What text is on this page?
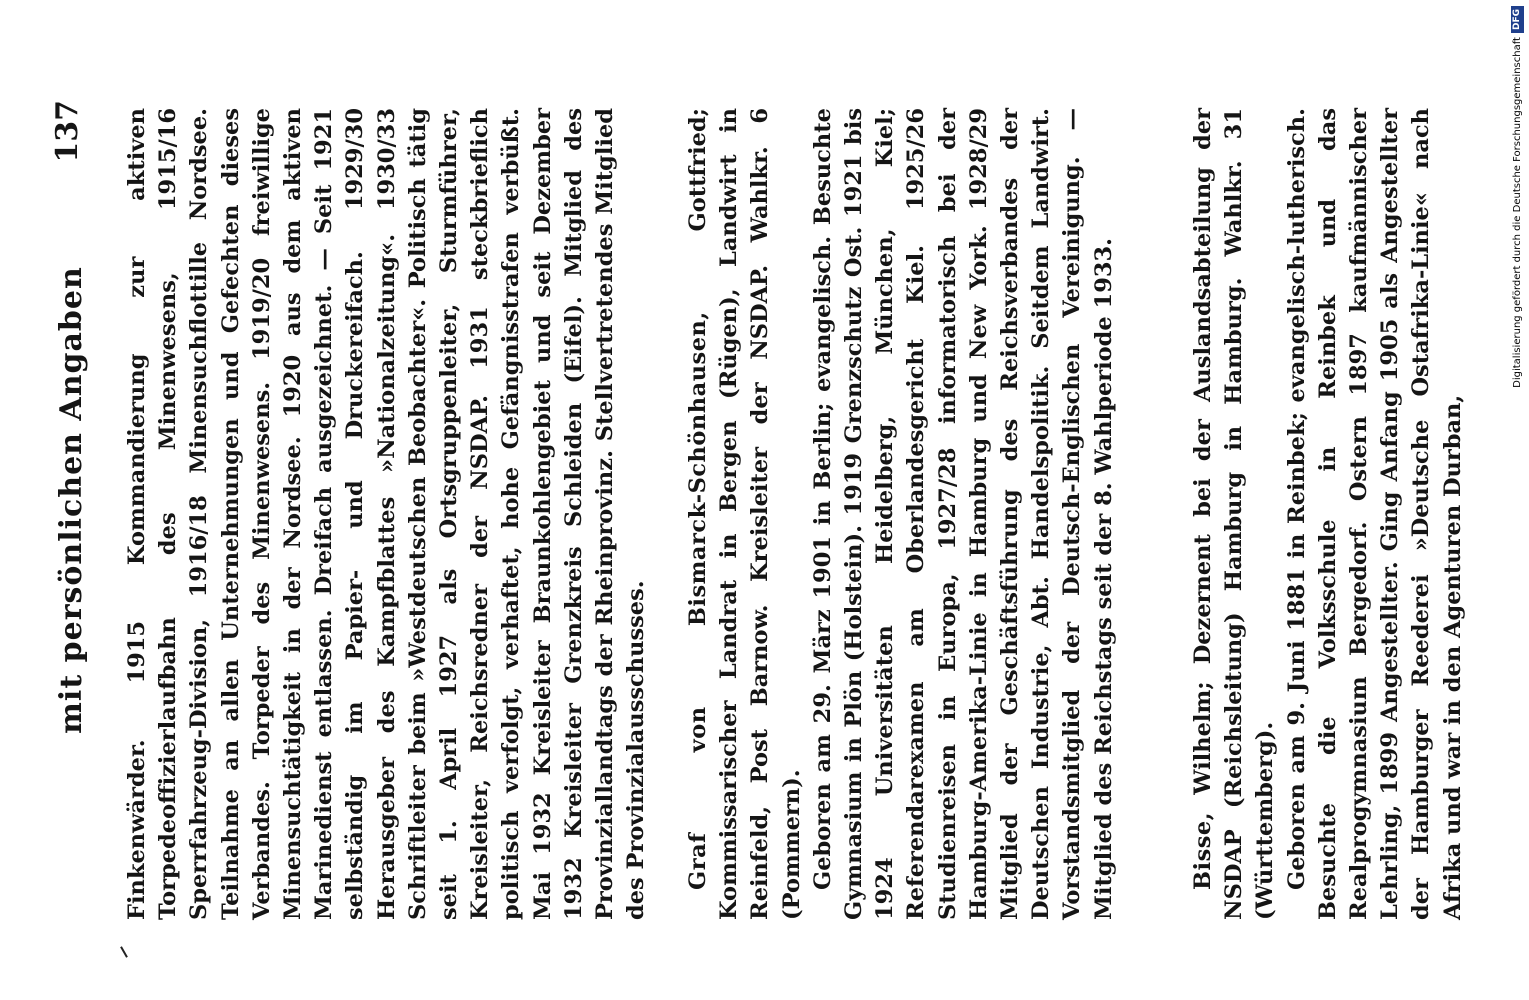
mit persönlichen Angaben
137 Finkenwärder. 1915 Kommandierung zur aktiven Torpedeoffizierlaufbahn des Minenwesens, 1915/16 Sperrfahrzeug-Division, 1916/18 Minensuchflottille Nordsee. Teilnahme an allen Unternehmungen und Gefechten dieses Verbandes. Torpeder des Minenwesens. 1919/20 freiwillige Minensuchtätigkeit in der Nordsee. 1920 aus dem aktiven Marinedienst entlassen. Dreifach ausgezeichnet. — Seit 1921 selbständig im Papier- und Druckereifach. 1929/30 Herausgeber des Kampfblattes »Nationalzeitung«. 1930/33 Schriftleiter beim »Westdeutschen Beobachter«. Politisch tätig seit 1. April 1927 als Ortsgruppenleiter, Sturmführer, Kreisleiter, Reichsredner der NSDAP. 1931 steckbrieflich politisch verfolgt, verhaftet, hohe Gefängnisstrafen verbüßt. Mai 1932 Kreisleiter Braunkohlengebiet und seit Dezember 1932 Kreisleiter Grenzkreis Schleiden (Eifel). Mitglied des Provinziallandtags der Rheinprovinz. Stellvertretendes Mitglied des Provinzialausschusses. Graf von Bismarck-Schönhausen, Gottfried; Kommissarischer Landrat in Bergen (Rügen), Landwirt in Reinfeld, Post Barnow. Kreisleiter der NSDAP. Wahlkr. 6 (Pommern). Geboren am 29. März 1901 in Berlin; evangelisch. Besuchte Gymnasium in Plön (Holstein). 1919 Grenzschutz Ost. 1921 bis 1924 Universitäten Heidelberg, München, Kiel; Referendarexamen am Oberlandesgericht Kiel. 1925/26 Studienreisen in Europa, 1927/28 informatorisch bei der Hamburg-Amerika-Linie in Hamburg und New York. 1928/29 Mitglied der Geschäftsführung des Reichsverbandes der Deutschen Industrie, Abt. Handelspolitik. Seitdem Landwirt. Vorstandsmitglied der Deutsch-Englischen Vereinigung. — Mitglied des Reichstags seit der 8. Wahlperiode 1933.	Bisse, Wilhelm; Dezernent bei der Auslandsabteilung der NSDAP (Reichsleitung) Hamburg in Hamburg. Wahlkr. 31 (Württemberg). Geboren am 9. Juni 1881 in Reinbek; evangelisch-lutherisch. Besuchte die Volksschule in Reinbek und das Realprogymnasium Bergedorf. Ostern 1897 kaufmännischer Lehrling, 1899 Angestellter. Ging Anfang 1905 als Angestellter der Hamburger Reederei »Deutsche Ostafrika-Linie« nach Afrika und war in den Agenturen Durban,

Digitalisierung gefördert durch die Deutsche ForschungsgemeinschaftDFG
